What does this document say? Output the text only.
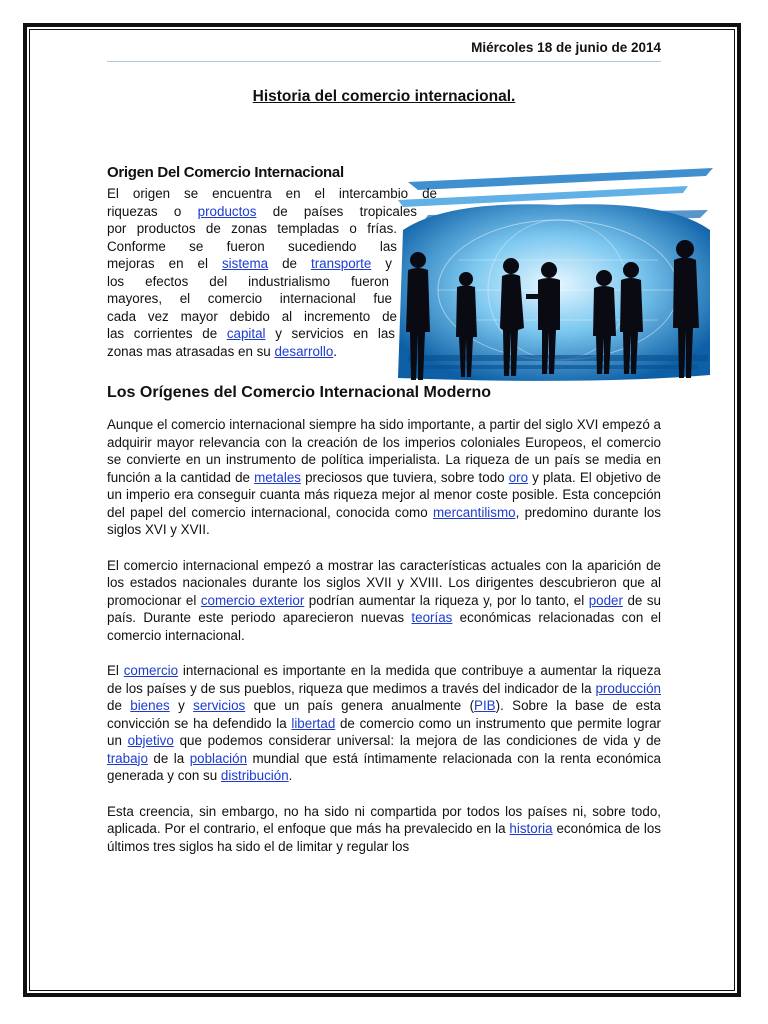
Miércoles 18 de junio de 2014
Historia del comercio internacional.
Origen Del Comercio Internacional
El origen se encuentra en el intercambio de
riquezas o productos de países tropicales
por productos de zonas templadas o frías.
Conforme se fueron sucediendo las
mejoras en el sistema de transporte y
los efectos del industrialismo fueron
mayores, el comercio internacional fue
cada vez mayor debido al incremento de
las corrientes de capital y servicios en las
zonas mas atrasadas en su desarrollo.
Los Orígenes del Comercio Internacional Moderno

Aunque el comercio internacional siempre ha sido importante, a partir del siglo XVI empezó a adquirir mayor relevancia con la creación de los imperios coloniales Europeos, el comercio se convierte en un instrumento de política imperialista. La riqueza de un país se media en función a la cantidad de metales preciosos que tuviera, sobre todo oro y plata. El objetivo de un imperio era conseguir cuanta más riqueza mejor al menor coste posible. Esta concepción del papel del comercio internacional, conocida como mercantilismo, predomino durante los siglos XVI y XVII.

El comercio internacional empezó a mostrar las características actuales con la aparición de los estados nacionales durante los siglos XVII y XVIII. Los dirigentes descubrieron que al promocionar el comercio exterior podrían aumentar la riqueza y, por lo tanto, el poder de su país. Durante este periodo aparecieron nuevas teorías económicas relacionadas con el comercio internacional.

El comercio internacional es importante en la medida que contribuye a aumentar la riqueza de los países y de sus pueblos, riqueza que medimos a través del indicador de la producción de bienes y servicios que un país genera anualmente (PIB). Sobre la base de esta convicción se ha defendido la libertad de comercio como un instrumento que permite lograr un objetivo que podemos considerar universal: la mejora de las condiciones de vida y de trabajo de la población mundial que está íntimamente relacionada con la renta económica generada y con su distribución.

Esta creencia, sin embargo, no ha sido ni compartida por todos los países ni, sobre todo, aplicada. Por el contrario, el enfoque que más ha prevalecido en la historia económica de los últimos tres siglos ha sido el de limitar y regular los
